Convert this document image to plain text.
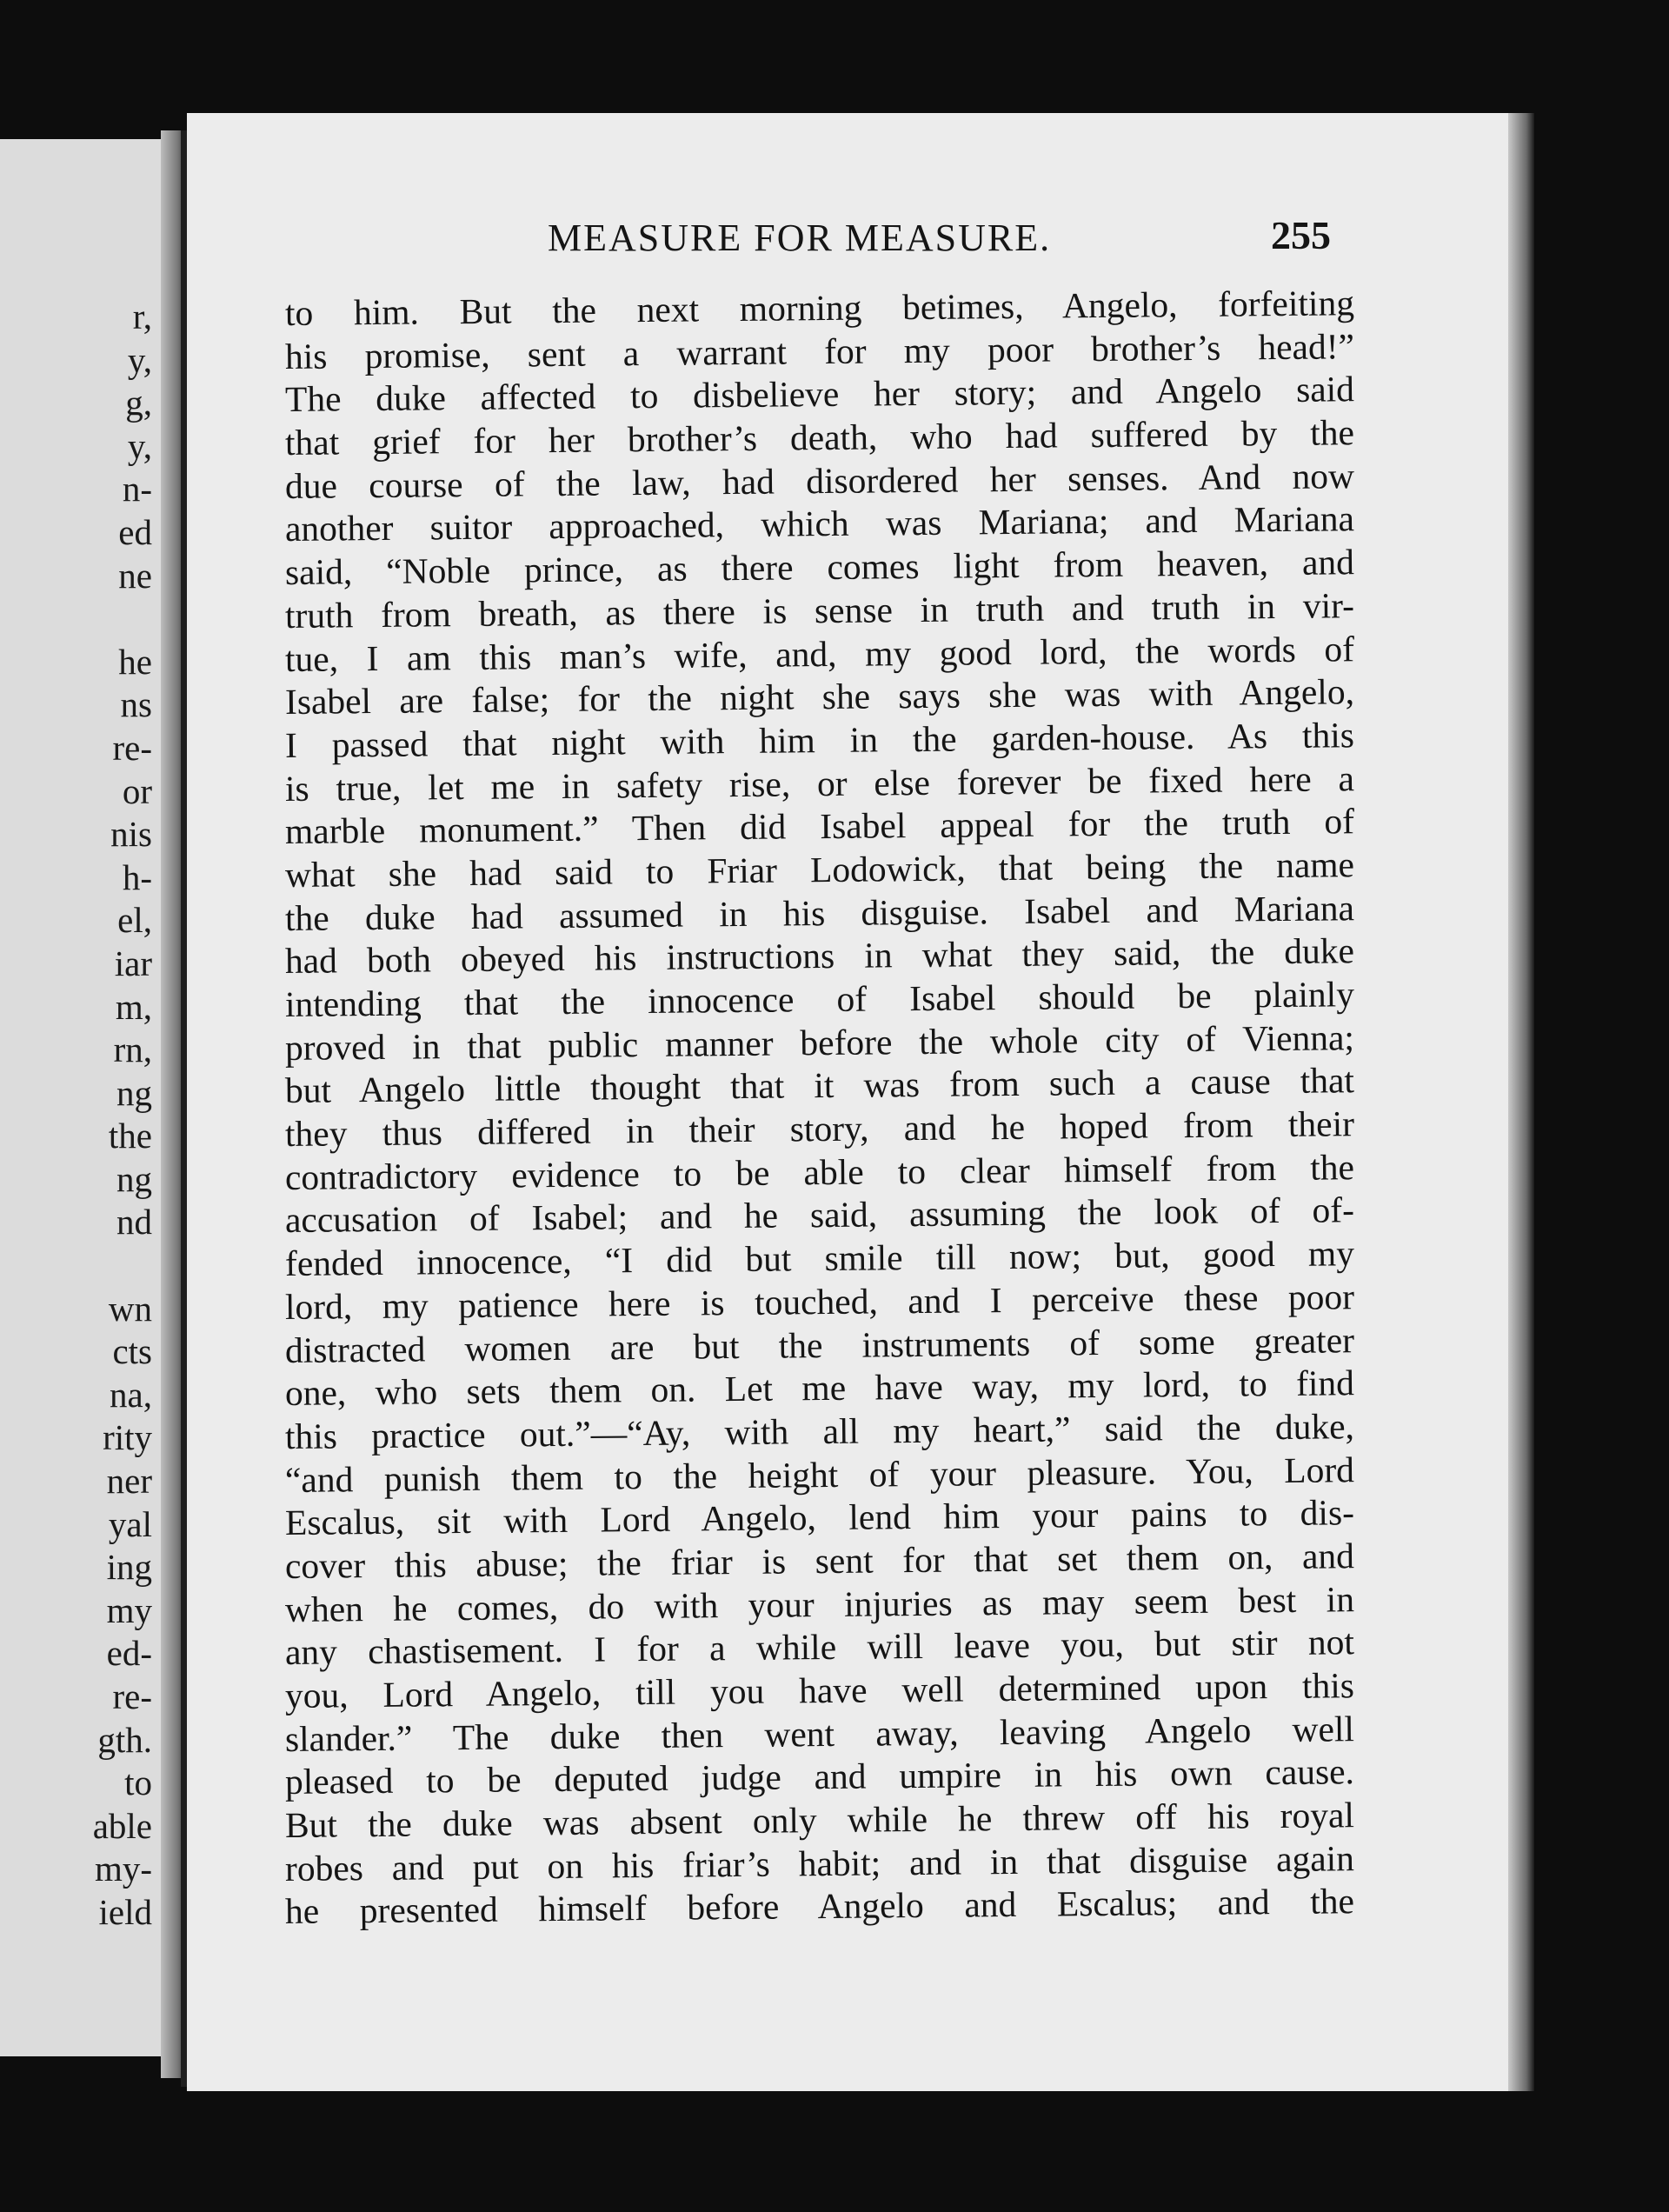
r,
y,
g,
y,
n-
ed
ne
he
ns
re-
or
nis
h-
el,
iar
m,
rn,
ng
the
ng
nd
wn
cts
na,
rity
ner
yal
ing
my
ed-
re-
gth.
to
able
my-
ield
MEASURE FOR MEASURE.	255
to him. But the next morning betimes, Angelo, forfeiting
his promise, sent a warrant for my poor brother’s head!”
The duke affected to disbelieve her story; and Angelo said
that grief for her brother’s death, who had suffered by the
due course of the law, had disordered her senses. And now
another suitor approached, which was Mariana; and Mariana
said, “Noble prince, as there comes light from heaven, and
truth from breath, as there is sense in truth and truth in vir-
tue, I am this man’s wife, and, my good lord, the words of
Isabel are false; for the night she says she was with Angelo,
I passed that night with him in the garden-house. As this
is true, let me in safety rise, or else forever be fixed here a
marble monument.” Then did Isabel appeal for the truth of
what she had said to Friar Lodowick, that being the name
the duke had assumed in his disguise. Isabel and Mariana
had both obeyed his instructions in what they said, the duke
intending that the innocence of Isabel should be plainly
proved in that public manner before the whole city of Vienna;
but Angelo little thought that it was from such a cause that
they thus differed in their story, and he hoped from their
contradictory evidence to be able to clear himself from the
accusation of Isabel; and he said, assuming the look of of-
fended innocence, “I did but smile till now; but, good my
lord, my patience here is touched, and I perceive these poor
distracted women are but the instruments of some greater
one, who sets them on. Let me have way, my lord, to find
this practice out.”—“Ay, with all my heart,” said the duke,
“and punish them to the height of your pleasure. You, Lord
Escalus, sit with Lord Angelo, lend him your pains to dis-
cover this abuse; the friar is sent for that set them on, and
when he comes, do with your injuries as may seem best in
any chastisement. I for a while will leave you, but stir not
you, Lord Angelo, till you have well determined upon this
slander.” The duke then went away, leaving Angelo well
pleased to be deputed judge and umpire in his own cause.
But the duke was absent only while he threw off his royal
robes and put on his friar’s habit; and in that disguise again
he presented himself before Angelo and Escalus; and the
